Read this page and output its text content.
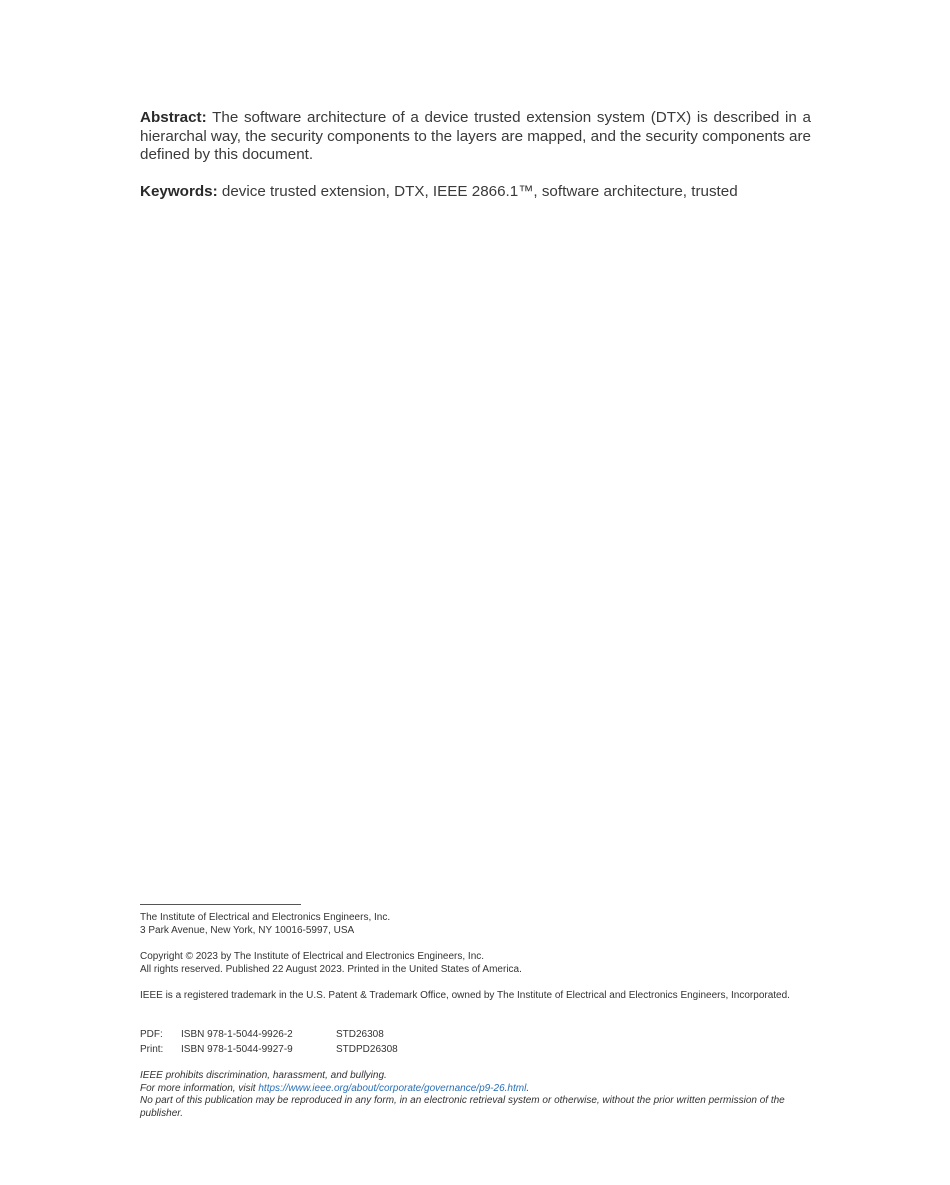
Abstract: The software architecture of a device trusted extension system (DTX) is described in a hierarchal way, the security components to the layers are mapped, and the security components are defined by this document.

Keywords: device trusted extension, DTX, IEEE 2866.1™, software architecture, trusted

The Institute of Electrical and Electronics Engineers, Inc.
3 Park Avenue, New York, NY 10016-5997, USA
Copyright © 2023 by The Institute of Electrical and Electronics Engineers, Inc.
All rights reserved. Published 22 August 2023. Printed in the United States of America.
IEEE is a registered trademark in the U.S. Patent & Trademark Office, owned by The Institute of Electrical and Electronics Engineers, Incorporated.
PDF:	ISBN 978-1-5044-9926-2	STD26308
Print:	ISBN 978-1-5044-9927-9	STDPD26308
IEEE prohibits discrimination, harassment, and bullying.
For more information, visit https://www.ieee.org/about/corporate/governance/p9-26.html.
No part of this publication may be reproduced in any form, in an electronic retrieval system or otherwise, without the prior written permission of the publisher.
